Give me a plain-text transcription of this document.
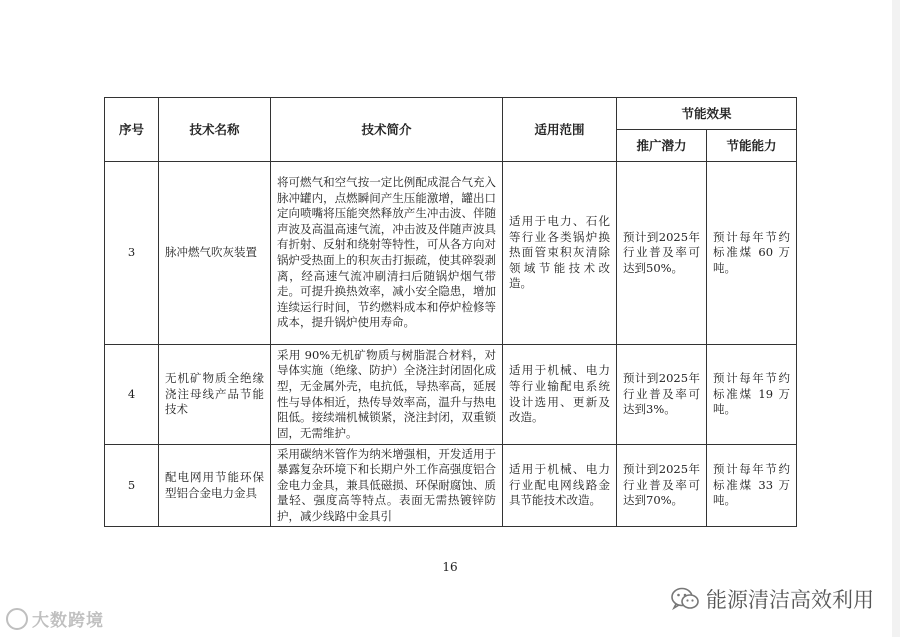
序号	技术名称	技术简介	适用范围	节能效果	
				推广潜力	节能能力
3	脉冲燃气吹灰装置	将可燃气和空气按一定比例配成混合气充入脉冲罐内，点燃瞬间产生压能激增，罐出口定向喷嘴将压能突然释放产生冲击波、伴随声波及高温高速气流，冲击波及伴随声波具有折射、反射和绕射等特性，可从各方向对锅炉受热面上的积灰击打振疏，使其碎裂剥离，经高速气流冲刷清扫后随锅炉烟气带走。可提升换热效率，减小安全隐患，增加连续运行时间，节约燃料成本和停炉检修等成本，提升锅炉使用寿命。	适用于电力、石化等行业各类锅炉换热面管束积灰清除领域节能技术改造。	预计到2025年行业普及率可达到50%。	预计每年节约标准煤 60 万吨。
4	无机矿物质全绝缘浇注母线产品节能技术	采用 90%无机矿物质与树脂混合材料，对导体实施（绝缘、防护）全浇注封闭固化成型，无金属外壳，电抗低，导热率高，延展性与导体相近，热传导效率高，温升与热电阻低。接续端机械锁紧，浇注封闭，双重锁固，无需维护。	适用于机械、电力等行业输配电系统设计选用、更新及改造。	预计到2025年行业普及率可达到3%。	预计每年节约标准煤 19 万吨。
5	配电网用节能环保型铝合金电力金具	采用碳纳米管作为纳米增强相，开发适用于暴露复杂环境下和长期户外工作高强度铝合金电力金具，兼具低磁损、环保耐腐蚀、质量轻、强度高等特点。表面无需热镀锌防护，减少线路中金具引	适用于机械、电力行业配电网线路金具节能技术改造。	预计到2025年行业普及率可达到70%。	预计每年节约标准煤 33 万吨。
16
大数跨境
能源清洁高效利用
